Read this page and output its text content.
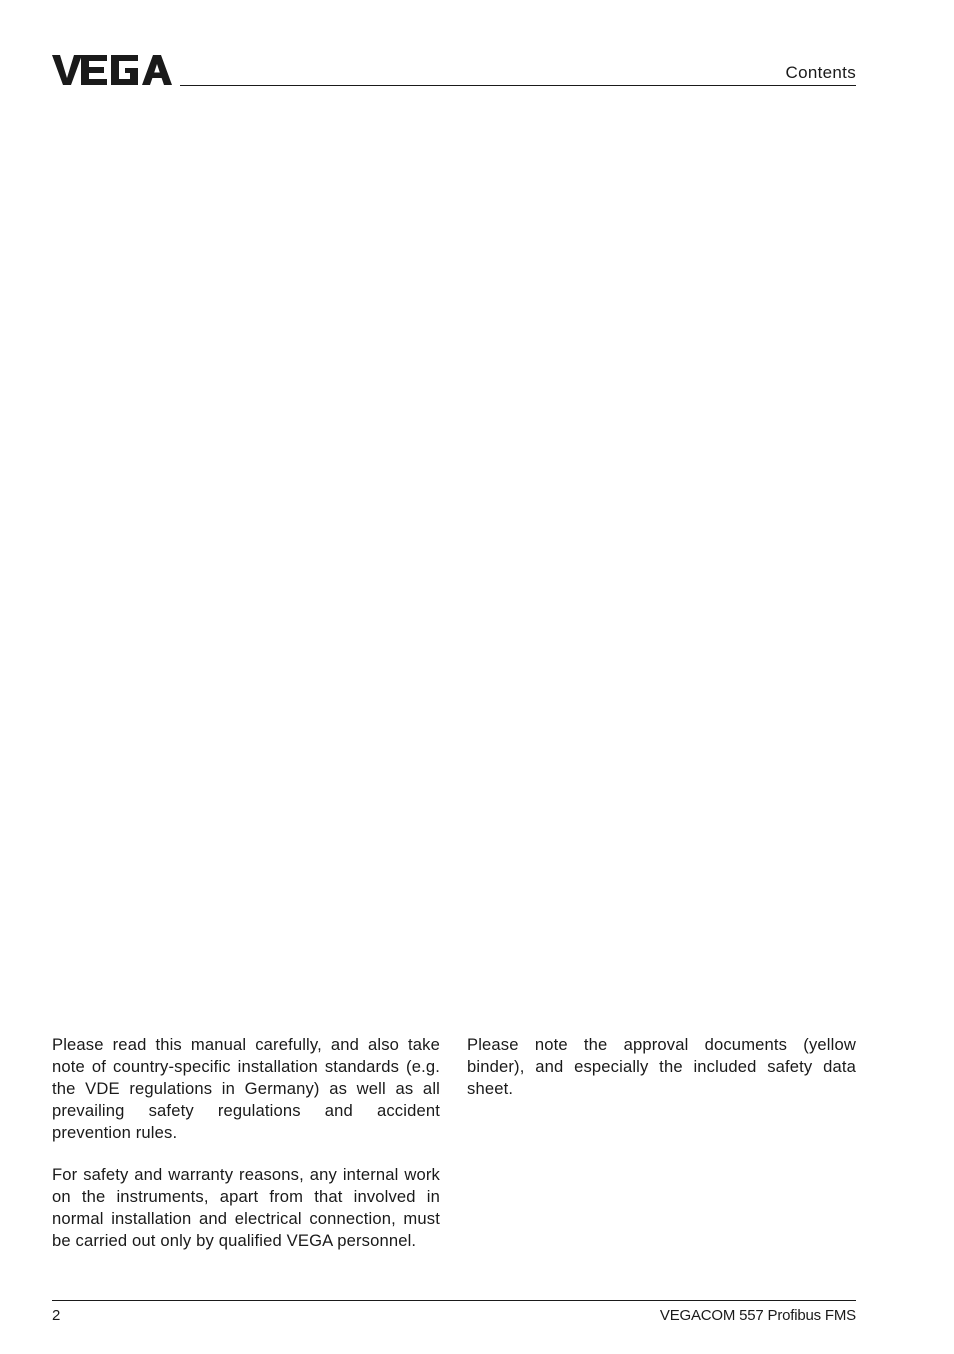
VEGA
Contents

Please read this manual carefully, and also take note of country-specific installation standards (e.g. the VDE regulations in Germany) as well as all prevailing safety regulations and accident prevention rules.

For safety and warranty reasons, any internal work on the instruments, apart from that involved in normal installation and electrical connection, must be carried out only by qualified VEGA personnel.

Please note the approval documents (yellow binder), and especially the included safety data sheet.

2	VEGACOM 557 Profibus FMS
